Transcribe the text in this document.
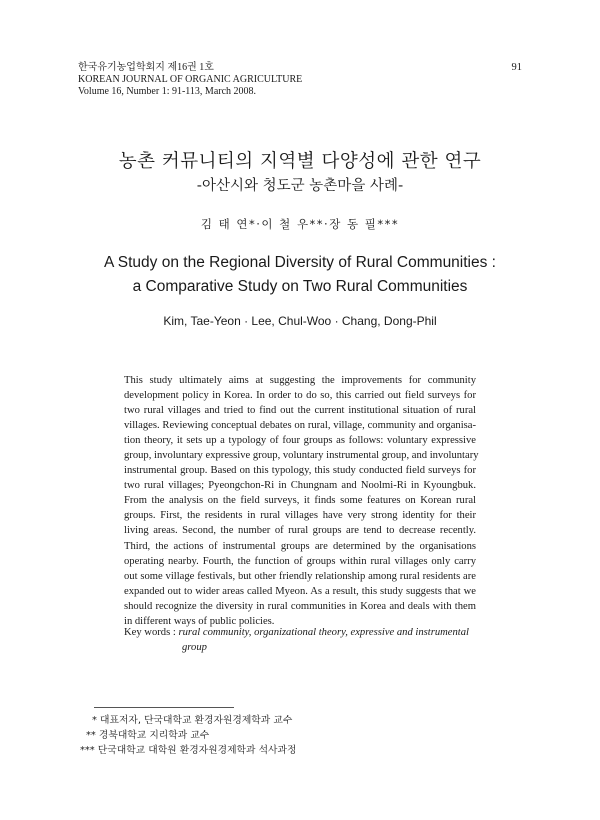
한국유기농업학회지 제16권 1호
KOREAN JOURNAL OF ORGANIC AGRICULTURE
Volume 16, Number 1: 91-113, March 2008.
91
농촌 커뮤니티의 지역별 다양성에 관한 연구
-아산시와 청도군 농촌마을 사례-
김 태 연*·이 철 우**·장 동 필***
A Study on the Regional Diversity of Rural Communities :
a Comparative Study on Two Rural Communities
Kim, Tae-Yeon · Lee, Chul-Woo · Chang, Dong-Phil
This study ultimately aims at suggesting the improvements for community
development policy in Korea. In order to do so, this carried out field surveys for
two rural villages and tried to find out the current institutional situation of rural
villages. Reviewing conceptual debates on rural, village, community and organisa-
tion theory, it sets up a typology of four groups as follows: voluntary expressive
group, involuntary expressive group, voluntary instrumental group, and involuntary
instrumental group. Based on this typology, this study conducted field surveys for
two rural villages; Pyeongchon-Ri in Chungnam and Noolmi-Ri in Kyoungbuk.
From the analysis on the field surveys, it finds some features on Korean rural
groups. First, the residents in rural villages have very strong identity for their
living areas. Second, the number of rural groups are tend to decrease recently.
Third, the actions of instrumental groups are determined by the organisations
operating nearby. Fourth, the function of groups within rural villages only carry
out some village festivals, but other friendly relationship among rural residents are
expanded out to wider areas called Myeon. As a result, this study suggests that we
should recognize the diversity in rural communities in Korea and deals with them
in different ways of public policies.
Key words :
rural community, organizational theory, expressive and instrumental
group
* 대표저자, 단국대학교 환경자원경제학과 교수
** 경북대학교 지리학과 교수
*** 단국대학교 대학원 환경자원경제학과 석사과정
